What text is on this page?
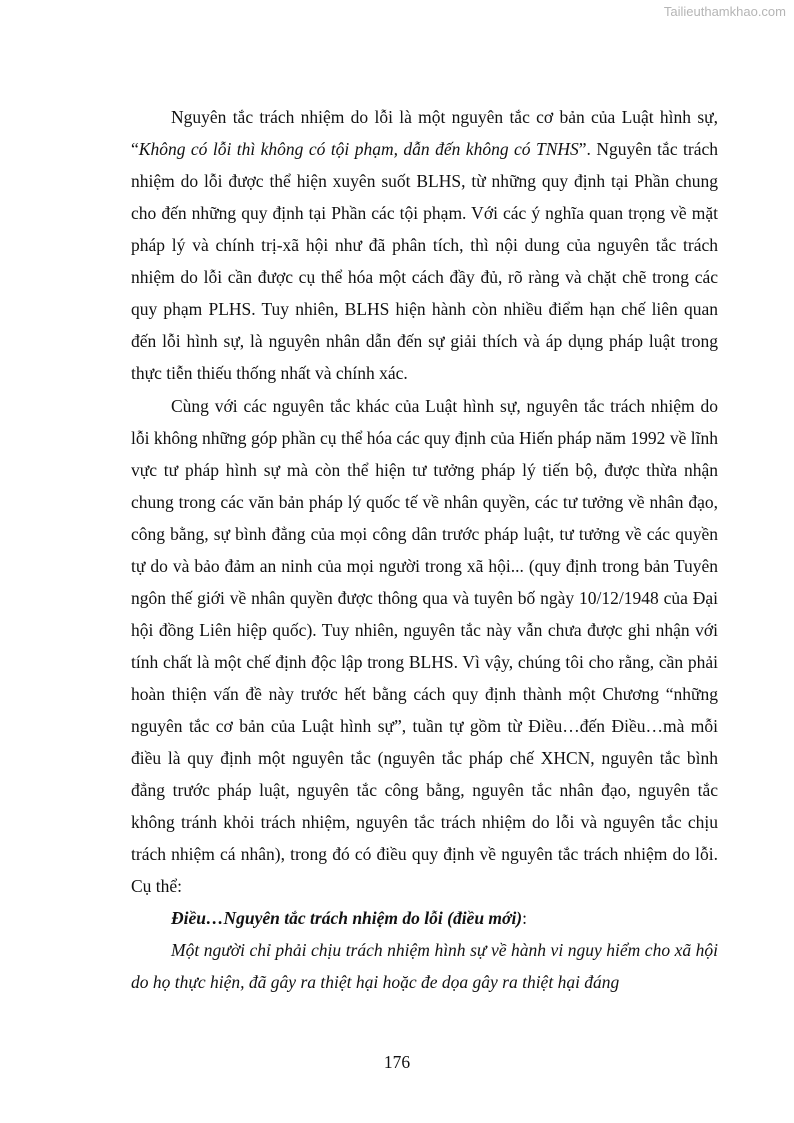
Tailieuthamkhao.com

Nguyên tắc trách nhiệm do lỗi là một nguyên tắc cơ bản của Luật hình sự, “Không có lỗi thì không có tội phạm, dẫn đến không có TNHS”. Nguyên tắc trách nhiệm do lỗi được thể hiện xuyên suốt BLHS, từ những quy định tại Phần chung cho đến những quy định tại Phần các tội phạm. Với các ý nghĩa quan trọng về mặt pháp lý và chính trị-xã hội như đã phân tích, thì nội dung của nguyên tắc trách nhiệm do lỗi cần được cụ thể hóa một cách đầy đủ, rõ ràng và chặt chẽ trong các quy phạm PLHS. Tuy nhiên, BLHS hiện hành còn nhiều điểm hạn chế liên quan đến lỗi hình sự, là nguyên nhân dẫn đến sự giải thích và áp dụng pháp luật trong thực tiễn thiếu thống nhất và chính xác.

Cùng với các nguyên tắc khác của Luật hình sự, nguyên tắc trách nhiệm do lỗi không những góp phần cụ thể hóa các quy định của Hiến pháp năm 1992 về lĩnh vực tư pháp hình sự mà còn thể hiện tư tưởng pháp lý tiến bộ, được thừa nhận chung trong các văn bản pháp lý quốc tế về nhân quyền, các tư tưởng về nhân đạo, công bằng, sự bình đẳng của mọi công dân trước pháp luật, tư tưởng về các quyền tự do và bảo đảm an ninh của mọi người trong xã hội... (quy định trong bản Tuyên ngôn thế giới về nhân quyền được thông qua và tuyên bố ngày 10/12/1948 của Đại hội đồng Liên hiệp quốc). Tuy nhiên, nguyên tắc này vẫn chưa được ghi nhận với tính chất là một chế định độc lập trong BLHS. Vì vậy, chúng tôi cho rằng, cần phải hoàn thiện vấn đề này trước hết bằng cách quy định thành một Chương “những nguyên tắc cơ bản của Luật hình sự”, tuần tự gồm từ Điều…đến Điều…mà mỗi điều là quy định một nguyên tắc (nguyên tắc pháp chế XHCN, nguyên tắc bình đẳng trước pháp luật, nguyên tắc công bằng, nguyên tắc nhân đạo, nguyên tắc không tránh khỏi trách nhiệm, nguyên tắc trách nhiệm do lỗi và nguyên tắc chịu trách nhiệm cá nhân), trong đó có điều quy định về nguyên tắc trách nhiệm do lỗi. Cụ thể:

Điều…Nguyên tắc trách nhiệm do lỗi (điều mới):

Một người chỉ phải chịu trách nhiệm hình sự về hành vi nguy hiểm cho xã hội do họ thực hiện, đã gây ra thiệt hại hoặc đe dọa gây ra thiệt hại đáng

176
